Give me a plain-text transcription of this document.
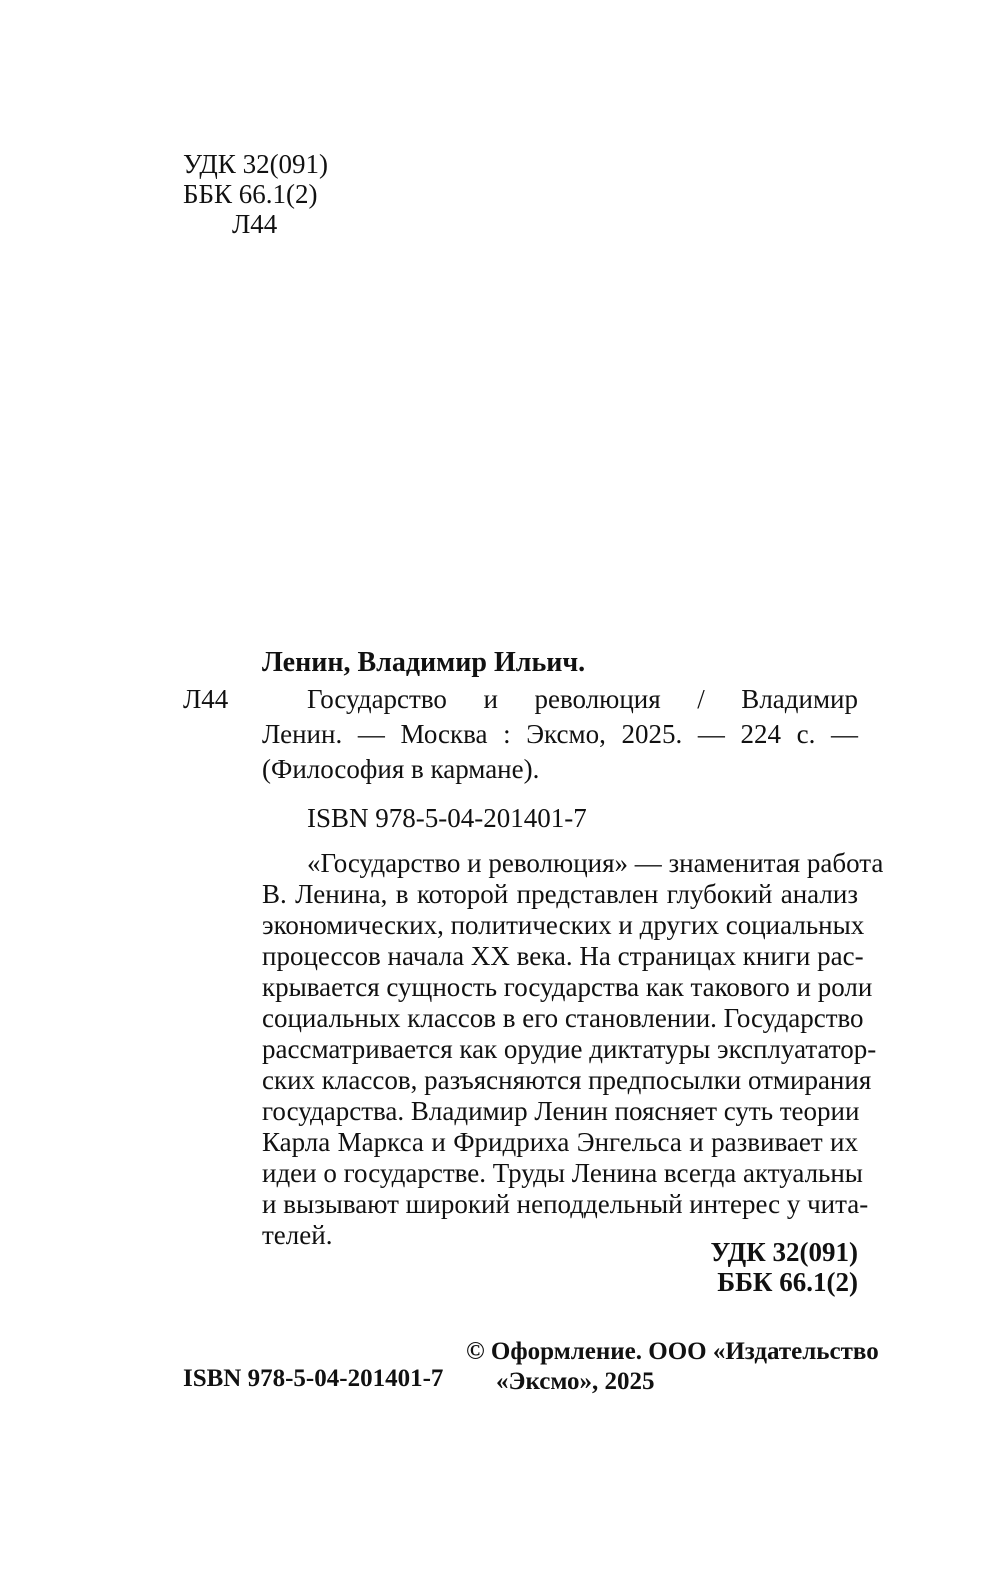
УДК 32(091)
ББК 66.1(2)
Л44
Ленин, Владимир Ильич.
Л44	Государство и революция / Владимир
Ленин. — Москва : Эксмо, 2025. — 224 с. —
(Философия в кармане).
ISBN 978-5-04-201401-7
«Государство и революция» — знаменитая работа
В. Ленина, в которой представлен глубокий анализ
экономических, политических и других социальных
процессов начала XX века. На страницах книги рас-
крывается сущность государства как такового и роли
социальных классов в его становлении. Государство
рассматривается как орудие диктатуры эксплуататор-
ских классов, разъясняются предпосылки отмирания
государства. Владимир Ленин поясняет суть теории
Карла Маркса и Фридриха Энгельса и развивает их
идеи о государстве. Труды Ленина всегда актуальны
и вызывают широкий неподдельный интерес у чита-
телей.
УДК 32(091)
ББК 66.1(2)
ISBN 978-5-04-201401-7
© Оформление. ООО «Издательство
«Эксмо», 2025
